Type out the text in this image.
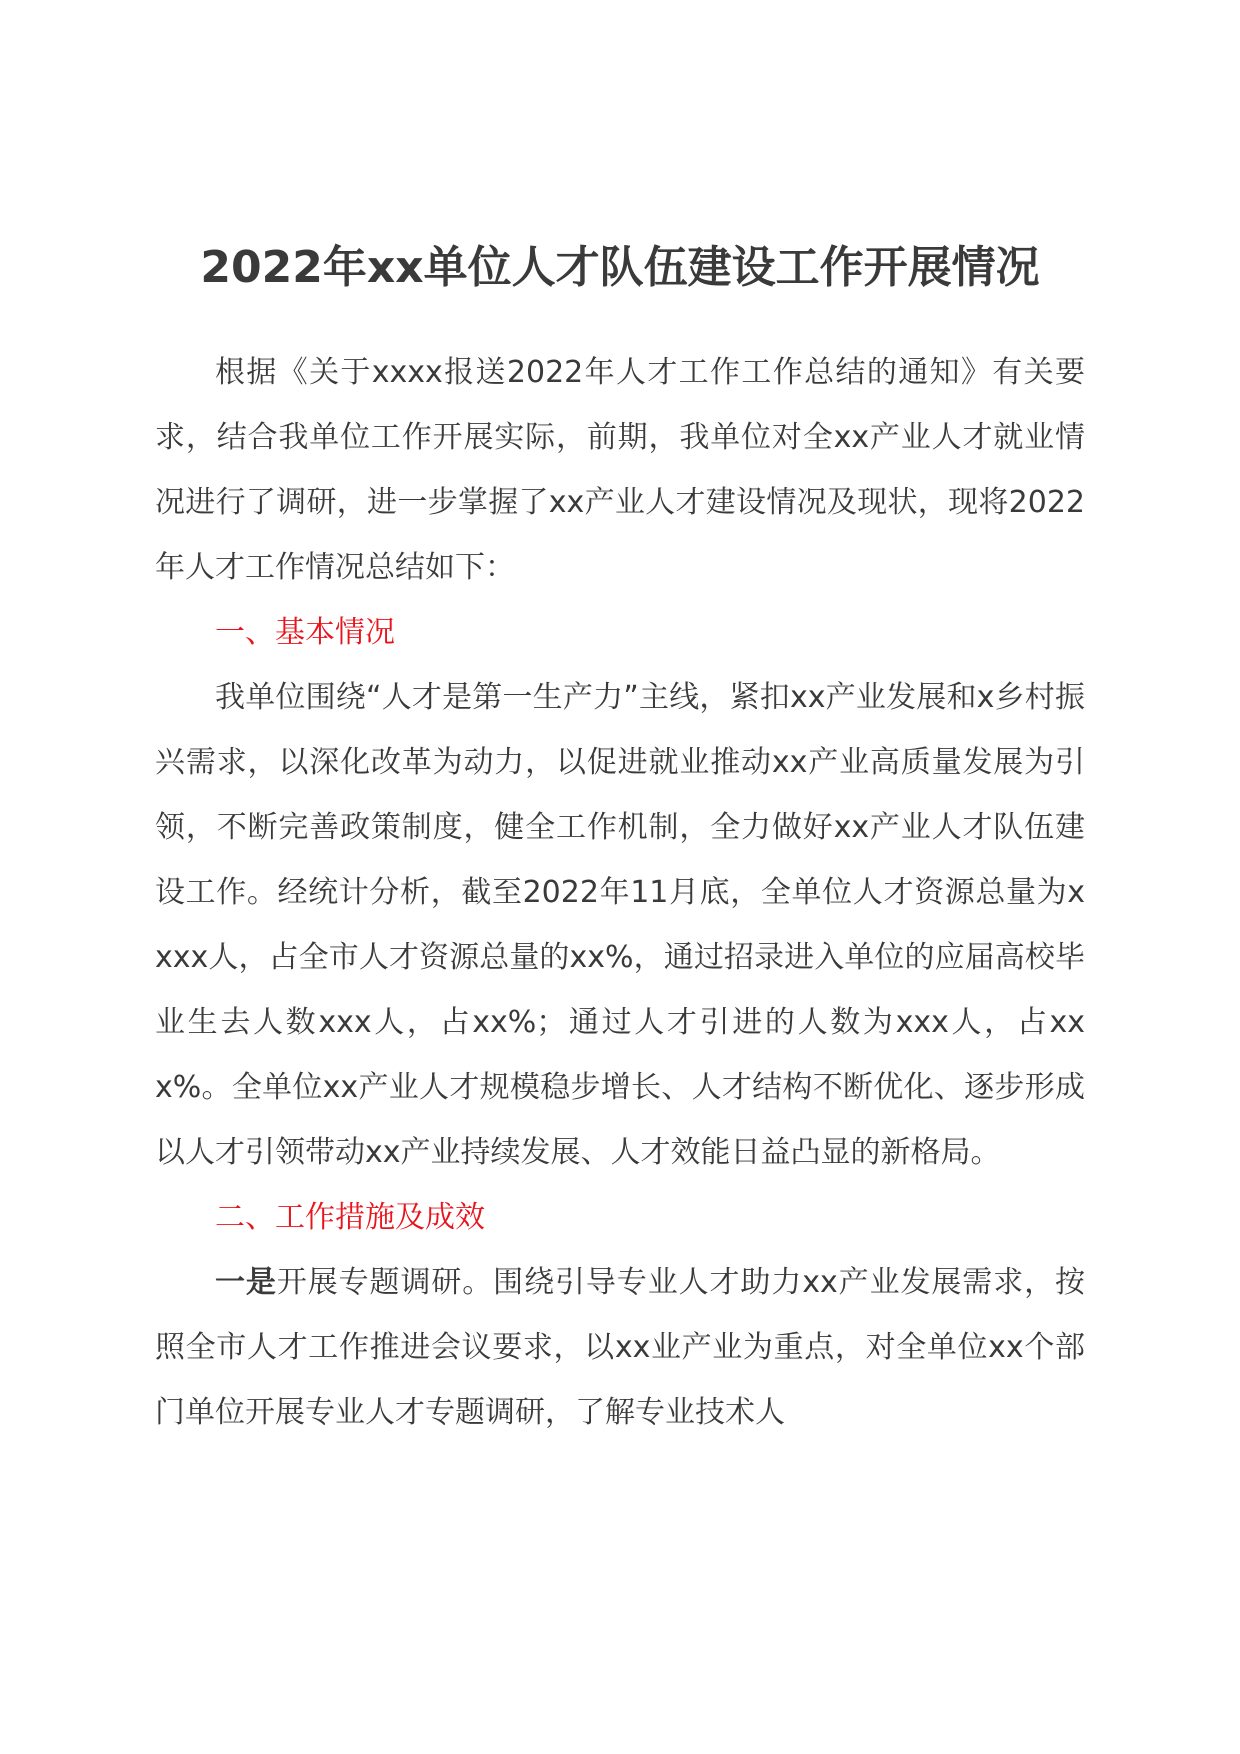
2022年xx单位人才队伍建设工作开展情况

根据《关于xxxx报送2022年人才工作工作总结的通知》有关要求，结合我单位工作开展实际，前期，我单位对全xx产业人才就业情况进行了调研，进一步掌握了xx产业人才建设情况及现状，现将2022年人才工作情况总结如下：

一、基本情况

我单位围绕“人才是第一生产力”主线，紧扣xx产业发展和x乡村振兴需求，以深化改革为动力，以促进就业推动xx产业高质量发展为引领，不断完善政策制度，健全工作机制，全力做好xx产业人才队伍建设工作。经统计分析，截至2022年11月底，全单位人才资源总量为xxxx人，占全市人才资源总量的xx%，通过招录进入单位的应届高校毕业生去人数xxx人，占xx%；通过人才引进的人数为xxx人，占xxx%。全单位xx产业人才规模稳步增长、人才结构不断优化、逐步形成以人才引领带动xx产业持续发展、人才效能日益凸显的新格局。

二、工作措施及成效

一是开展专题调研。围绕引导专业人才助力xx产业发展需求，按照全市人才工作推进会议要求，以xx业产业为重点，对全单位xx个部门单位开展专业人才专题调研，了解专业技术人
